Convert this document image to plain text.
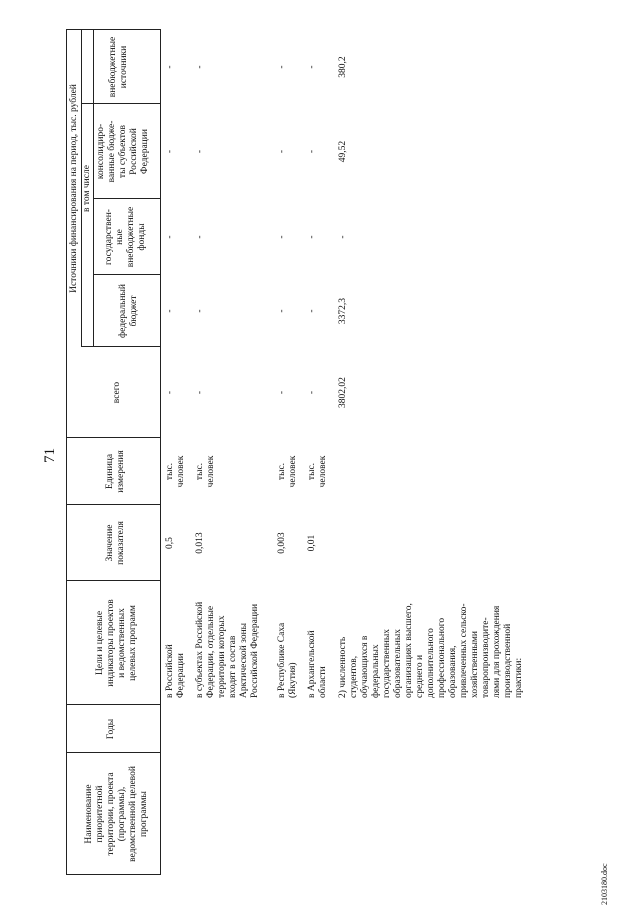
71
2103180.doc
Наименование
приоритетной
территории, проекта
(программы),
ведомственной целевой
программы
Годы
Цели и целевые
индикаторы проектов
и ведомственных
целевых программ
Значение
показателя
Единица
измерения
Источники финансирования на период, тыс. рублей
всего
в том числе
федеральный
бюджет
государствен-
ные
внебюджетные
фонды
консолидиро-
ванные бюдже-
ты субъектов
Российской
Федерации
внебюджетные
источники
в Российской
Федерации
0,5
тыс.
человек
-
-
-
-
-
в субъектах Российской
Федерации, отдельные
территории которых
входят в состав
Арктической зоны
Российской Федерации
0,013
тыс.
человек
-
-
-
-
-
в Республике Саха
(Якутия)
0,003
тыс.
человек
-
-
-
-
-
в Архангельской
области
0,01
тыс.
человек
-
-
-
-
-
2) численность
студентов,
обучающихся в
федеральных
государственных
образовательных
организациях высшего,
среднего и
дополнительного
профессионального
образования,
привлеченных сельско-
хозяйственными
товаропроизводите-
лями для прохождения
производственной
практики:
3802,02
3372,3
-
49,52
380,2
